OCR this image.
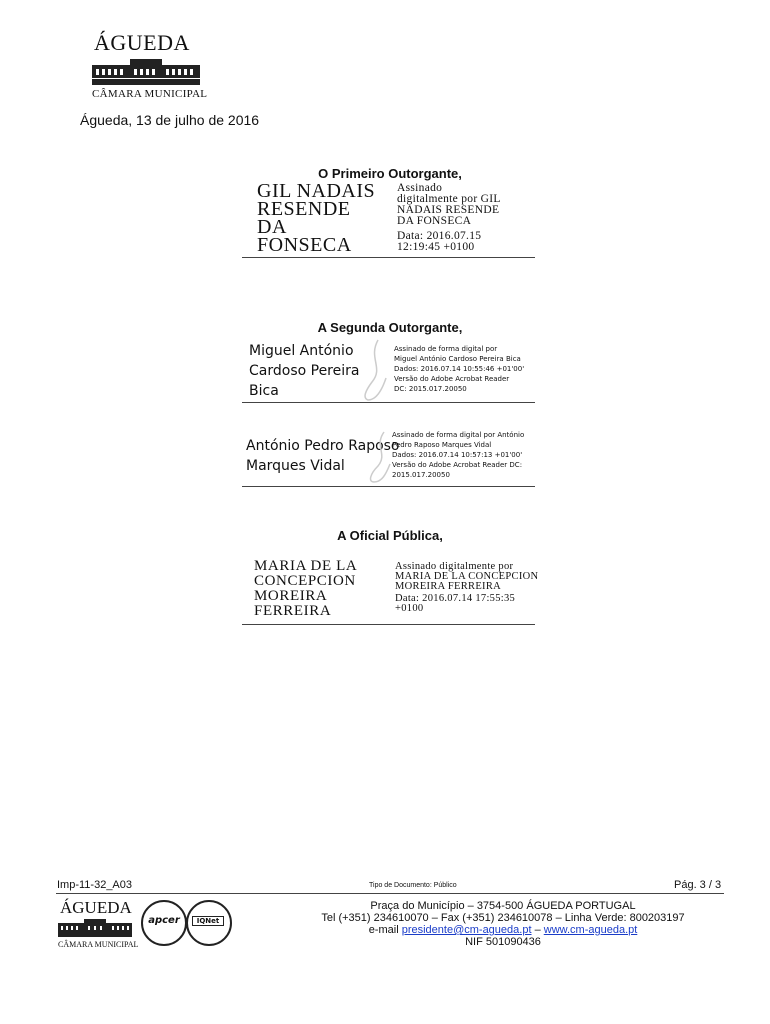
ÁGUEDA
CÂMARA MUNICIPAL
Águeda, 13 de julho de 2016
O Primeiro Outorgante,
GIL NADAIS
RESENDE
DA
FONSECA
Assinado
digitalmente por GIL
NADAIS RESENDE
DA FONSECA
Data: 2016.07.15
12:19:45 +0100
A Segunda Outorgante,
Miguel António
Cardoso Pereira
Bica
Assinado de forma digital por
Miguel António Cardoso Pereira Bica
Dados: 2016.07.14 10:55:46 +01'00'
Versão do Adobe Acrobat Reader
DC: 2015.017.20050
António Pedro Raposo
Marques Vidal
Assinado de forma digital por António
Pedro Raposo Marques Vidal
Dados: 2016.07.14 10:57:13 +01'00'
Versão do Adobe Acrobat Reader DC:
2015.017.20050
A Oficial Pública,
MARIA DE LA
CONCEPCION
MOREIRA
FERREIRA
Assinado digitalmente por
MARIA DE LA CONCEPCION
MOREIRA FERREIRA
Data: 2016.07.14 17:55:35
+0100
Imp-11-32_A03	Tipo de Documento: Público	Pág. 3 / 3
ÁGUEDA
CÂMARA MUNICIPAL
apcer	IQNet
Praça do Município – 3754-500 ÁGUEDA PORTUGAL
Tel (+351) 234610070 – Fax (+351) 234610078 – Linha Verde: 800203197
e-mail presidente@cm-agueda.pt – www.cm-agueda.pt
NIF 501090436
